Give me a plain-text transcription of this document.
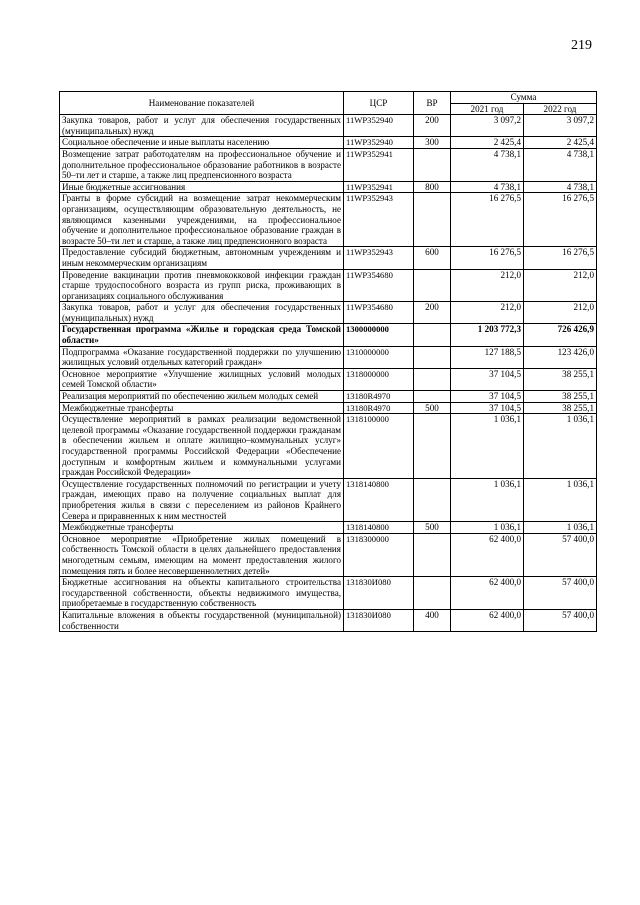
219
Наименование показателей	ЦСР	ВР	Сумма	
			2021 год	2022 год
Закупка товаров, работ и услуг для обеспечения государственных (муниципальных) нужд	11WP352940	200	3 097,2	3 097,2
Социальное обеспечение и иные выплаты населению	11WP352940	300	2 425,4	2 425,4
Возмещение затрат работодателям на профессиональное обучение и дополнительное профессиональное образование работников в возрасте 50–ти лет и старше, а также лиц предпенсионного возраста	11WP352941		4 738,1	4 738,1
Иные бюджетные ассигнования	11WP352941	800	4 738,1	4 738,1
Гранты в форме субсидий на возмещение затрат некоммерческим организациям, осуществляющим образовательную деятельность, не являющимся казенными учреждениями, на профессиональное обучение и дополнительное профессиональное образование граждан в возрасте 50–ти лет и старше, а также лиц предпенсионного возраста	11WP352943		16 276,5	16 276,5
Предоставление субсидий бюджетным, автономным учреждениям и иным некоммерческим организациям	11WP352943	600	16 276,5	16 276,5
Проведение вакцинации против пневмококковой инфекции граждан старше трудоспособного возраста из групп риска, проживающих в организациях социального обслуживания	11WP354680		212,0	212,0
Закупка товаров, работ и услуг для обеспечения государственных (муниципальных) нужд	11WP354680	200	212,0	212,0
Государственная программа «Жилье и городская среда Томской области»	1300000000		1 203 772,3	726 426,9
Подпрограмма «Оказание государственной поддержки по улучшению жилищных условий отдельных категорий граждан»	1310000000		127 188,5	123 426,0
Основное мероприятие «Улучшение жилищных условий молодых семей Томской области»	1318000000		37 104,5	38 255,1
Реализация мероприятий по обеспечению жильем молодых семей	13180R4970		37 104,5	38 255,1
Межбюджетные трансферты	13180R4970	500	37 104,5	38 255,1
Осуществление мероприятий в рамках реализации ведомственной целевой программы «Оказание государственной поддержки гражданам в обеспечении жильем и оплате жилищно–коммунальных услуг» государственной программы Российской Федерации «Обеспечение доступным и комфортным жильем и коммунальными услугами граждан Российской Федерации»	1318100000		1 036,1	1 036,1
Осуществление государственных полномочий по регистрации и учету граждан, имеющих право на получение социальных выплат для приобретения жилья в связи с переселением из районов Крайнего Севера и приравненных к ним местностей	1318140800		1 036,1	1 036,1
Межбюджетные трансферты	1318140800	500	1 036,1	1 036,1
Основное мероприятие «Приобретение жилых помещений в собственность Томской области в целях дальнейшего предоставления многодетным семьям, имеющим на момент предоставления жилого помещения пять и более несовершеннолетних детей»	1318300000		62 400,0	57 400,0
Бюджетные ассигнования на объекты капитального строительства государственной собственности, объекты недвижимого имущества, приобретаемые в государственную собственность	131830И080		62 400,0	57 400,0
Капитальные вложения в объекты государственной (муниципальной) собственности	131830И080	400	62 400,0	57 400,0
